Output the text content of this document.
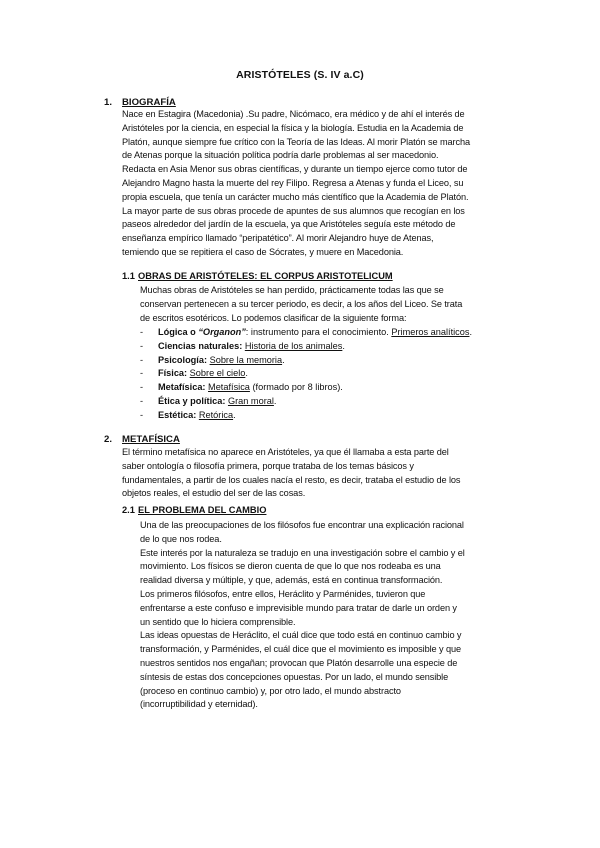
ARISTÓTELES (S. IV a.C)
1.	BIOGRAFÍA
Nace en Estagira (Macedonia) .Su padre, Nicómaco, era médico y de ahí el interés de
Aristóteles por la ciencia, en especial la física y la biología. Estudia en la Academia de
Platón, aunque siempre fue crítico con la Teoría de las Ideas. Al morir Platón se marcha
de Atenas porque la situación política podría darle problemas al ser macedonio.
Redacta en Asia Menor sus obras científicas, y durante un tiempo ejerce como tutor de
Alejandro Magno hasta la muerte del rey Filipo. Regresa a Atenas y funda el Liceo, su
propia escuela, que tenía un carácter mucho más científico que la Academia de Platón.
La mayor parte de sus obras procede de apuntes de sus alumnos que recogían en los
paseos alrededor del jardín de la escuela, ya que Aristóteles seguía este método de
enseñanza empírico llamado “peripatético”. Al morir Alejandro huye de Atenas,
temiendo que se repitiera el caso de Sócrates, y muere en Macedonia.
1.1 OBRAS DE ARISTÓTELES: EL CORPUS ARISTOTELICUM
Muchas obras de Aristóteles se han perdido, prácticamente todas las que se
conservan pertenecen a su tercer periodo, es decir, a los años del Liceo. Se trata
de escritos esotéricos. Lo podemos clasificar de la siguiente forma:
-	Lógica o “Organon”: instrumento para el conocimiento. Primeros analíticos.
-	Ciencias naturales: Historia de los animales.
-	Psicología: Sobre la memoria.
-	Física: Sobre el cielo.
-	Metafísica: Metafísica (formado por 8 libros).
-	Ética y política: Gran moral.
-	Estética: Retórica.
2.	METAFÍSICA
El término metafísica no aparece en Aristóteles, ya que él llamaba a esta parte del
saber ontología o filosofía primera, porque trataba de los temas básicos y
fundamentales, a partir de los cuales nacía el resto, es decir, trataba el estudio de los
objetos reales, el estudio del ser de las cosas.
2.1 EL PROBLEMA DEL CAMBIO
Una de las preocupaciones de los filósofos fue encontrar una explicación racional
de lo que nos rodea.
Este interés por la naturaleza se tradujo en una investigación sobre el cambio y el
movimiento. Los físicos se dieron cuenta de que lo que nos rodeaba es una
realidad diversa y múltiple, y que, además, está en continua transformación.
Los primeros filósofos, entre ellos, Heráclito y Parménides, tuvieron que
enfrentarse a este confuso e imprevisible mundo para tratar de darle un orden y
un sentido que lo hiciera comprensible.
Las ideas opuestas de Heráclito, el cuál dice que todo está en continuo cambio y
transformación, y Parménides, el cuál dice que el movimiento es imposible y que
nuestros sentidos nos engañan; provocan que Platón desarrolle una especie de
síntesis de estas dos concepciones opuestas. Por un lado, el mundo sensible
(proceso en continuo cambio) y, por otro lado, el mundo abstracto
(incorruptibilidad y eternidad).
